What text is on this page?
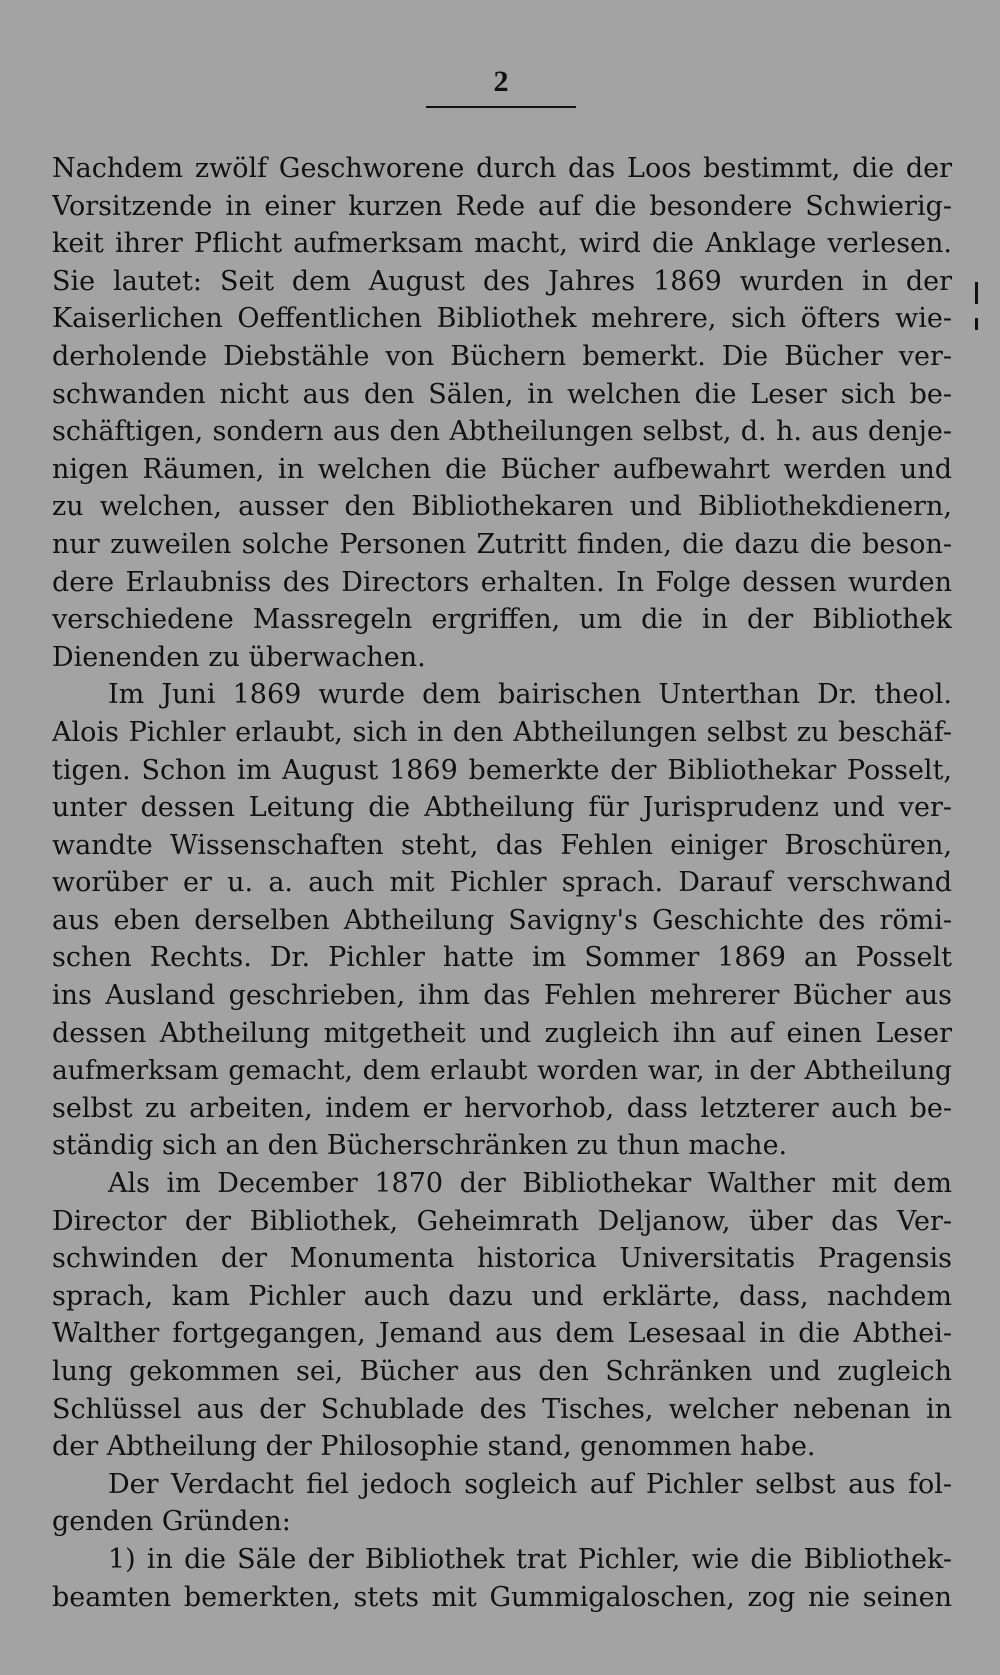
2
Nachdem zwölf Geschworene durch das Loos bestimmt, die der
Vorsitzende in einer kurzen Rede auf die besondere Schwierig-
keit ihrer Pflicht aufmerksam macht, wird die Anklage verlesen.
Sie lautet: Seit dem August des Jahres 1869 wurden in der
Kaiserlichen Oeffentlichen Bibliothek mehrere, sich öfters wie-
derholende Diebstähle von Büchern bemerkt. Die Bücher ver-
schwanden nicht aus den Sälen, in welchen die Leser sich be-
schäftigen, sondern aus den Abtheilungen selbst, d. h. aus denje-
nigen Räumen, in welchen die Bücher aufbewahrt werden und
zu welchen, ausser den Bibliothekaren und Bibliothekdienern,
nur zuweilen solche Personen Zutritt finden, die dazu die beson-
dere Erlaubniss des Directors erhalten. In Folge dessen wurden
verschiedene Massregeln ergriffen, um die in der Bibliothek
Dienenden zu überwachen.
Im Juni 1869 wurde dem bairischen Unterthan Dr. theol.
Alois Pichler erlaubt, sich in den Abtheilungen selbst zu beschäf-
tigen. Schon im August 1869 bemerkte der Bibliothekar Posselt,
unter dessen Leitung die Abtheilung für Jurisprudenz und ver-
wandte Wissenschaften steht, das Fehlen einiger Broschüren,
worüber er u. a. auch mit Pichler sprach. Darauf verschwand
aus eben derselben Abtheilung Savigny's Geschichte des römi-
schen Rechts. Dr. Pichler hatte im Sommer 1869 an Posselt
ins Ausland geschrieben, ihm das Fehlen mehrerer Bücher aus
dessen Abtheilung mitgetheit und zugleich ihn auf einen Leser
aufmerksam gemacht, dem erlaubt worden war, in der Abtheilung
selbst zu arbeiten, indem er hervorhob, dass letzterer auch be-
ständig sich an den Bücherschränken zu thun mache.
Als im December 1870 der Bibliothekar Walther mit dem
Director der Bibliothek, Geheimrath Deljanow, über das Ver-
schwinden der Monumenta historica Universitatis Pragensis
sprach, kam Pichler auch dazu und erklärte, dass, nachdem
Walther fortgegangen, Jemand aus dem Lesesaal in die Abthei-
lung gekommen sei, Bücher aus den Schränken und zugleich
Schlüssel aus der Schublade des Tisches, welcher nebenan in
der Abtheilung der Philosophie stand, genommen habe.
Der Verdacht fiel jedoch sogleich auf Pichler selbst aus fol-
genden Gründen:
1) in die Säle der Bibliothek trat Pichler, wie die Bibliothek-
beamten bemerkten, stets mit Gummigaloschen, zog nie seinen
